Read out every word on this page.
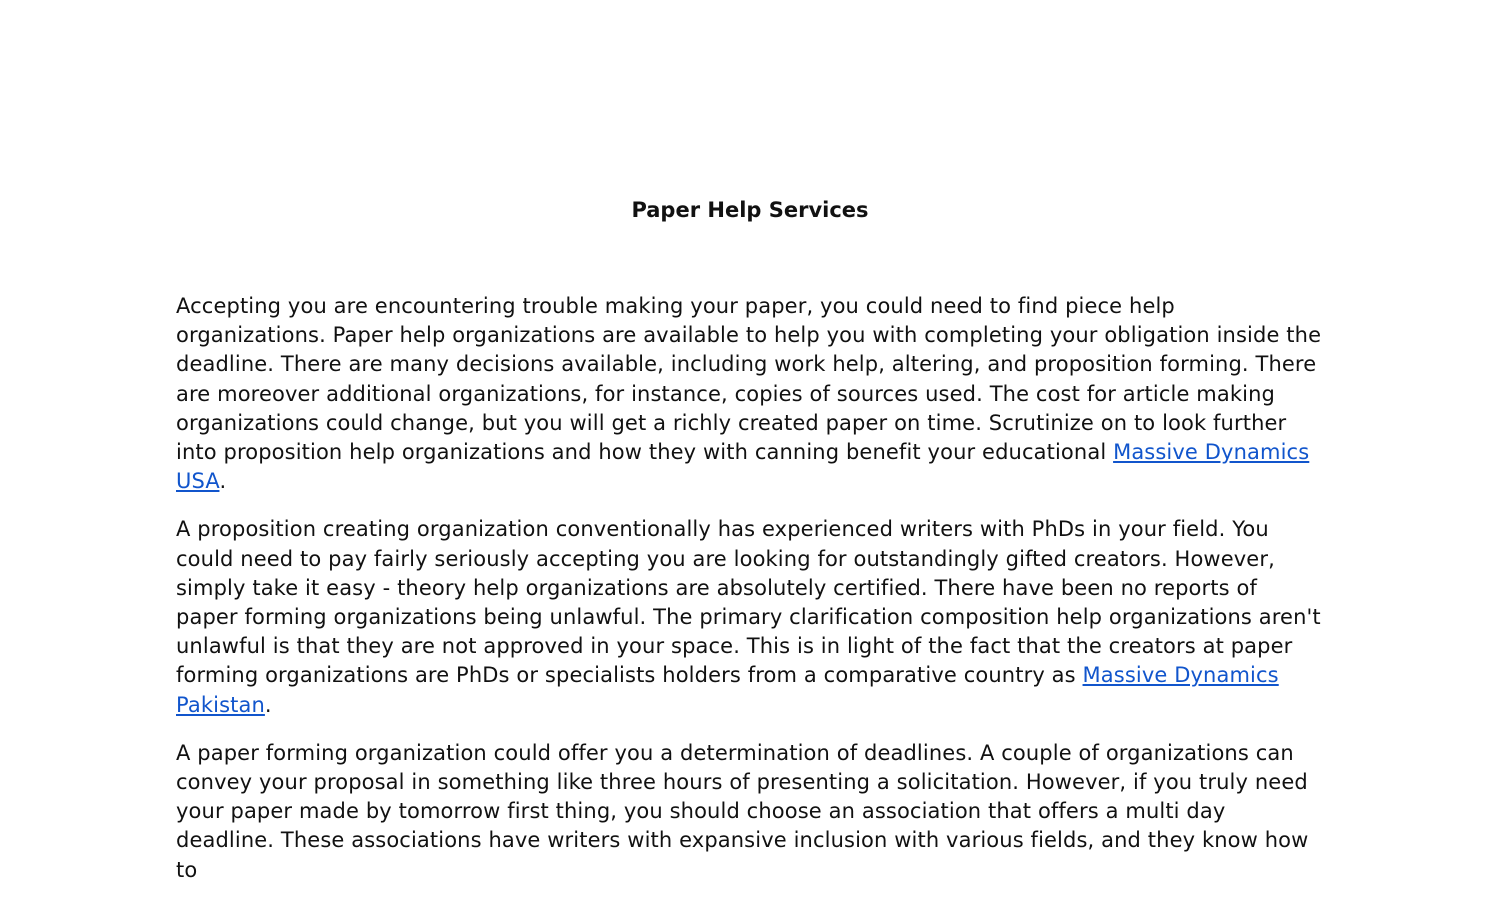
Paper Help Services

Accepting you are encountering trouble making your paper, you could need to find piece help organizations. Paper help organizations are available to help you with completing your obligation inside the deadline. There are many decisions available, including work help, altering, and proposition forming. There are moreover additional organizations, for instance, copies of sources used. The cost for article making organizations could change, but you will get a richly created paper on time. Scrutinize on to look further into proposition help organizations and how they with canning benefit your educational Massive Dynamics USA.

A proposition creating organization conventionally has experienced writers with PhDs in your field. You could need to pay fairly seriously accepting you are looking for outstandingly gifted creators. However, simply take it easy - theory help organizations are absolutely certified. There have been no reports of paper forming organizations being unlawful. The primary clarification composition help organizations aren't unlawful is that they are not approved in your space. This is in light of the fact that the creators at paper forming organizations are PhDs or specialists holders from a comparative country as Massive Dynamics Pakistan.

A paper forming organization could offer you a determination of deadlines. A couple of organizations can convey your proposal in something like three hours of presenting a solicitation. However, if you truly need your paper made by tomorrow first thing, you should choose an association that offers a multi day deadline. These associations have writers with expansive inclusion with various fields, and they know how to
